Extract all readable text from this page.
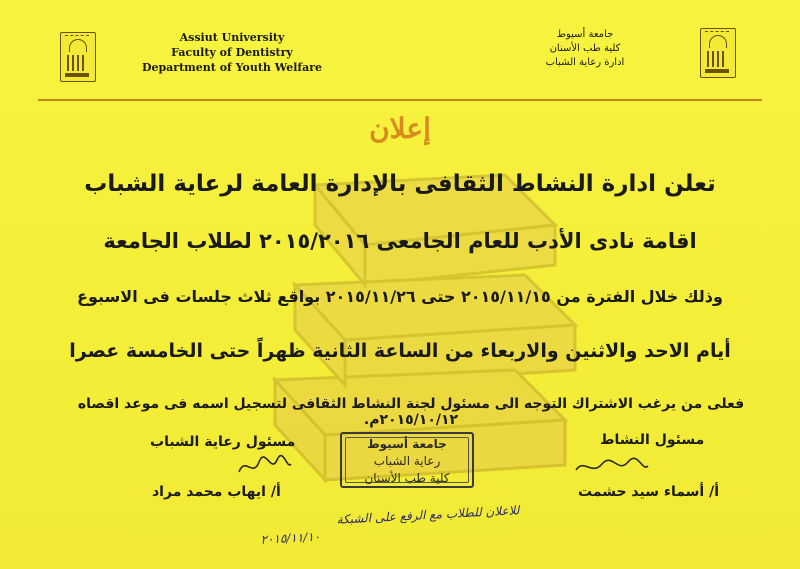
Assiut University
Faculty of Dentistry
Department of Youth Welfare
جامعة أسيوط
كلية طب الأسنان
ادارة رعاية الشباب
إعلان
تعلن ادارة النشاط الثقافى بالإدارة العامة لرعاية الشباب
اقامة نادى الأدب للعام الجامعى ٢٠١٥/٢٠١٦ لطلاب الجامعة
وذلك خلال الفترة من ٢٠١٥/١١/١٥ حتى ٢٠١٥/١١/٢٦ بواقع ثلاث جلسات فى الاسبوع
أيام الاحد والاثنين والاربعاء من الساعة الثانية ظهراً حتى الخامسة عصرا
فعلى من يرغب الاشتراك التوجه الى مسئول لجنة النشاط الثقافى لتسجيل اسمه فى موعد اقصاه ٢٠١٥/١٠/١٢م.
مسئول رعاية الشباب
أ/ ايهاب محمد مراد
مسئول النشاط
أ/ أسماء سيد حشمت
جامعة أسيوط
رعاية الشباب
كلية طب الأسنان
للاعلان للطلاب مع الرفع على الشبكة
٢٠١٥/١١/١٠
